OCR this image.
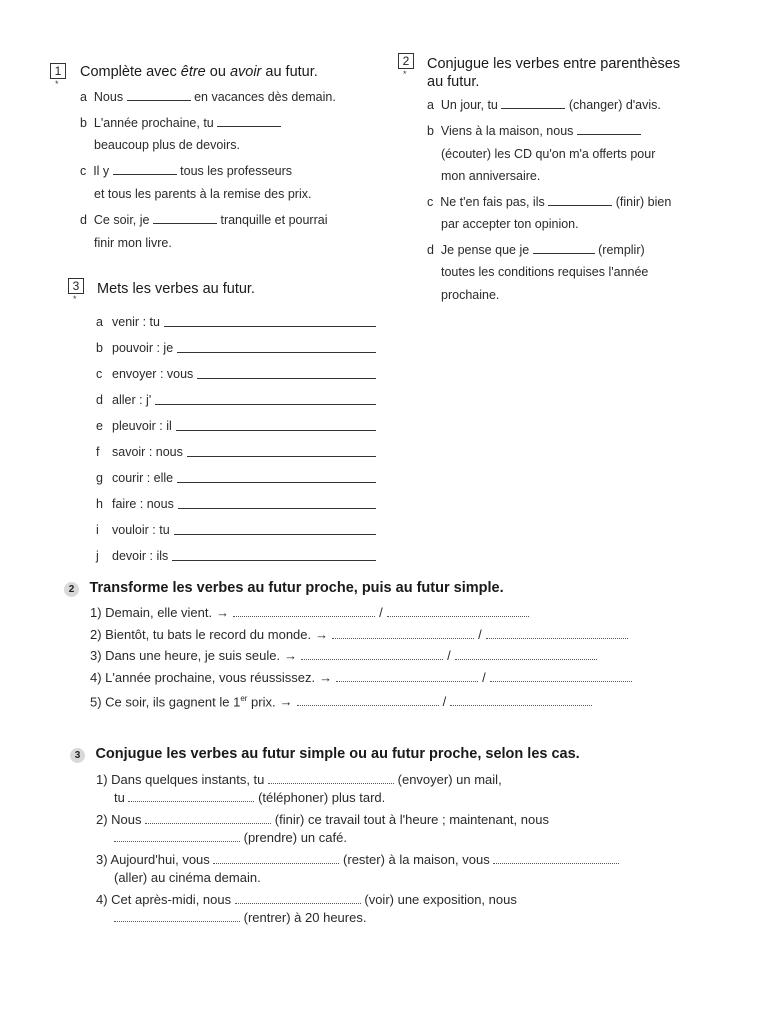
1
*
Complète avec être ou avoir au futur.
a Nous	en vacances dès demain.
b L'année prochaine, tu
beaucoup plus de devoirs.
c Il y	tous les professeurs
et tous les parents à la remise des prix.
d Ce soir, je	tranquille et pourrai
finir mon livre.
2
*
Conjugue les verbes entre parenthèses
au futur.
a Un jour, tu	(changer) d'avis.
b Viens à la maison, nous
(écouter) les CD qu'on m'a offerts pour
mon anniversaire.
c Ne t'en fais pas, ils	(finir) bien
par accepter ton opinion.
d Je pense que je	(remplir)
toutes les conditions requises l'année
prochaine.
3
*
Mets les verbes au futur.
a venir : tu
b pouvoir : je
c envoyer : vous
d aller : j'
e pleuvoir : il
f	savoir : nous
g courir : elle
h faire : nous
i	vouloir : tu
j	devoir : ils
2 Transforme les verbes au futur proche, puis au futur simple.
1) Demain, elle vient. →	/
2) Bientôt, tu bats le record du monde. →	/
3) Dans une heure, je suis seule. →	/
4) L'année prochaine, vous réussissez. →	/
5) Ce soir, ils gagnent le 1er prix. →	/
3 Conjugue les verbes au futur simple ou au futur proche, selon les cas.
1) Dans quelques instants, tu	(envoyer) un mail,
tu	(téléphoner) plus tard.
2) Nous	(finir) ce travail tout à l'heure ; maintenant, nous
(prendre) un café.
3) Aujourd'hui, vous	(rester) à la maison, vous
(aller) au cinéma demain.
4) Cet après-midi, nous	(voir) une exposition, nous
(rentrer) à 20 heures.
